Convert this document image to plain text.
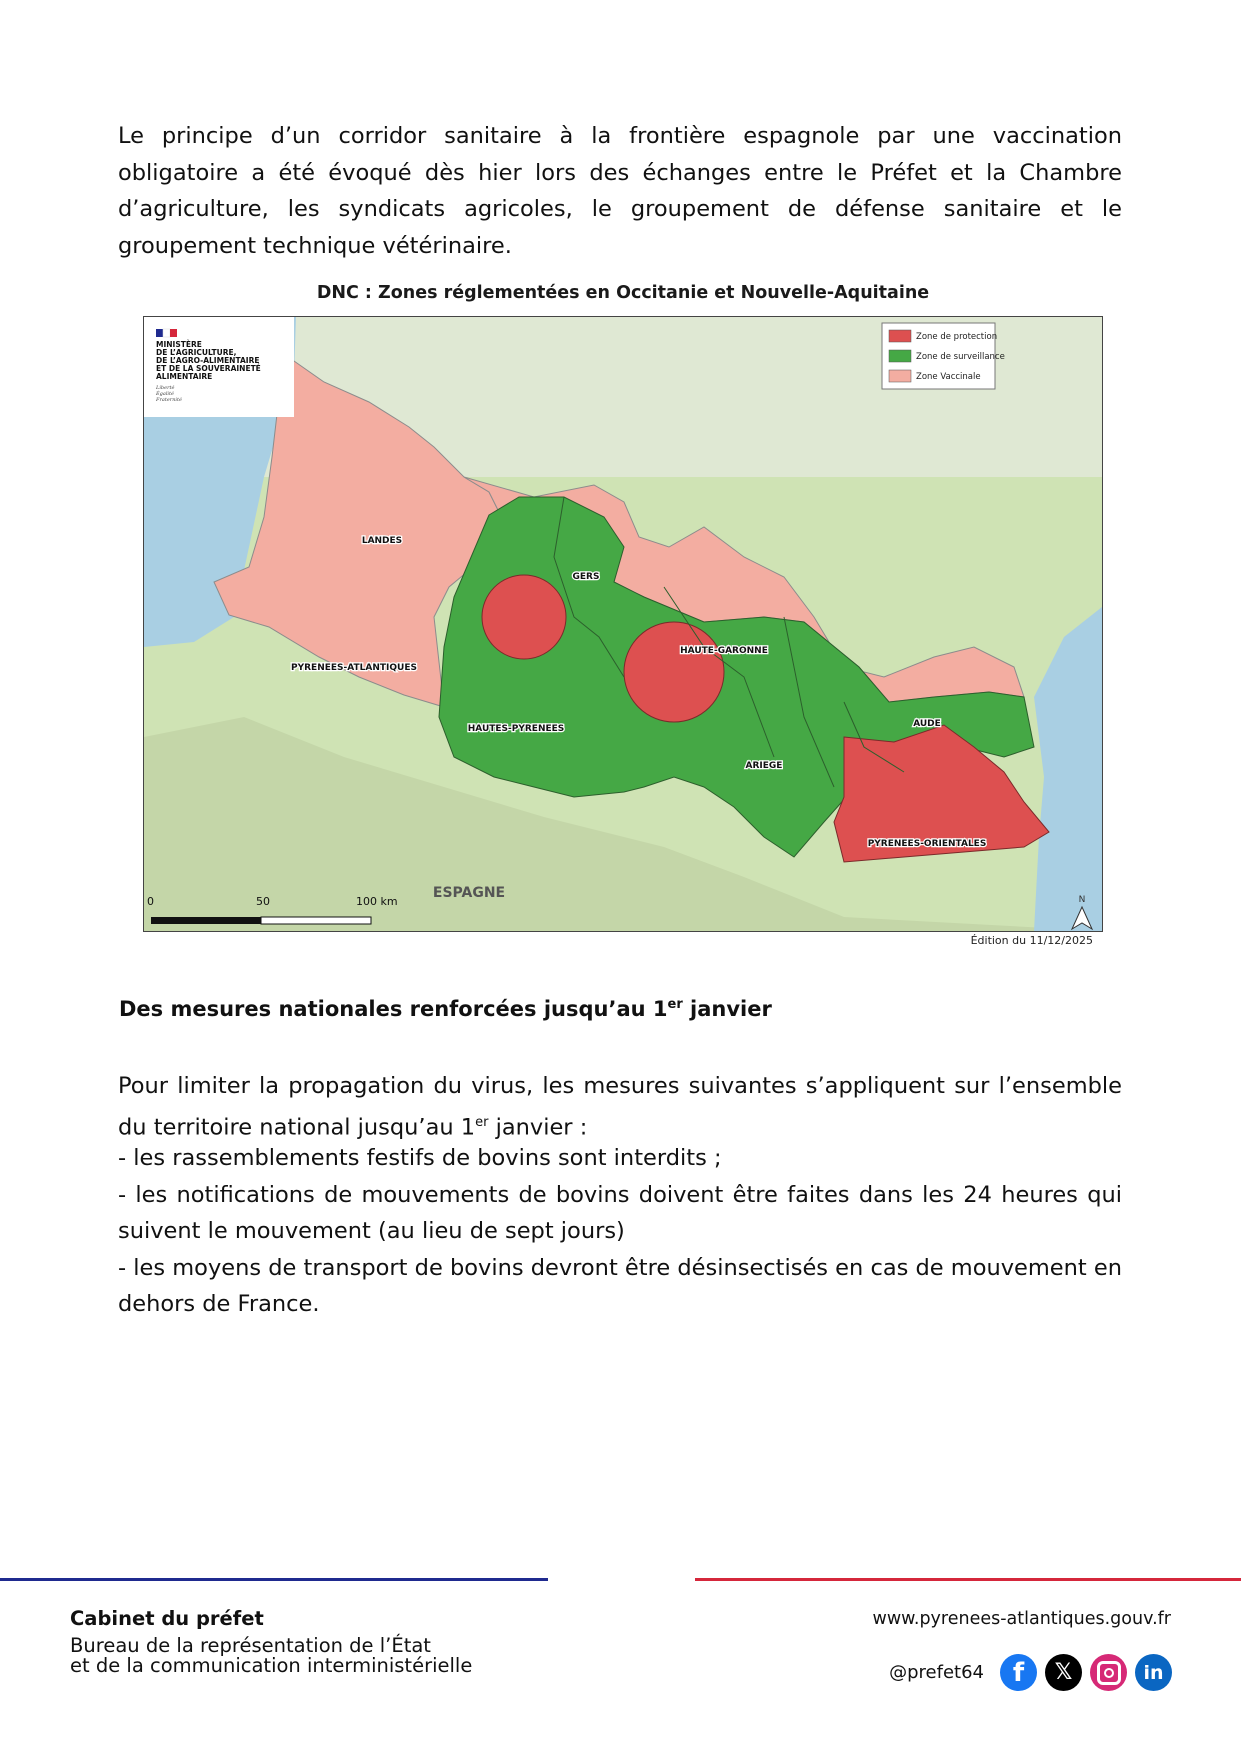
Le principe d’un corridor sanitaire à la frontière espagnole par une vaccination obligatoire a été évoqué dès hier lors des échanges entre le Préfet et la Chambre d’agriculture, les syndicats agricoles, le groupement de défense sanitaire et le groupement technique vétérinaire.

DNC : Zones réglementées en Occitanie et Nouvelle-Aquitaine
MINISTÈRE
DE L’AGRICULTURE,
DE L’AGRO-ALIMENTAIRE
ET DE LA SOUVERAINETÉ
ALIMENTAIRE
Liberté
Égalité
Fraternité
Zone de protection
Zone de surveillance
Zone Vaccinale
LANDES
GERS
PYRENEES-ATLANTIQUES
HAUTE-GARONNE
HAUTES-PYRENEES	AUDE
ARIEGE
PYRENEES-ORIENTALES
ESPAGNE
0	50	100 km	N
Édition du 11/12/2025
Des mesures nationales renforcées jusqu’au 1er janvier

Pour limiter la propagation du virus, les mesures suivantes s’appliquent sur l’ensemble du territoire national jusqu’au 1er janvier :

- les rassemblements festifs de bovins sont interdits ;
- les notifications de mouvements de bovins doivent être faites dans les 24 heures qui suivent le mouvement (au lieu de sept jours)
- les moyens de transport de bovins devront être désinsectisés en cas de mouvement en dehors de France.
Cabinet du préfet
Bureau de la représentation de l’État
et de la communication interministérielle
www.pyrenees-atlantiques.gouv.fr
@prefet64 f 𝕏	in
